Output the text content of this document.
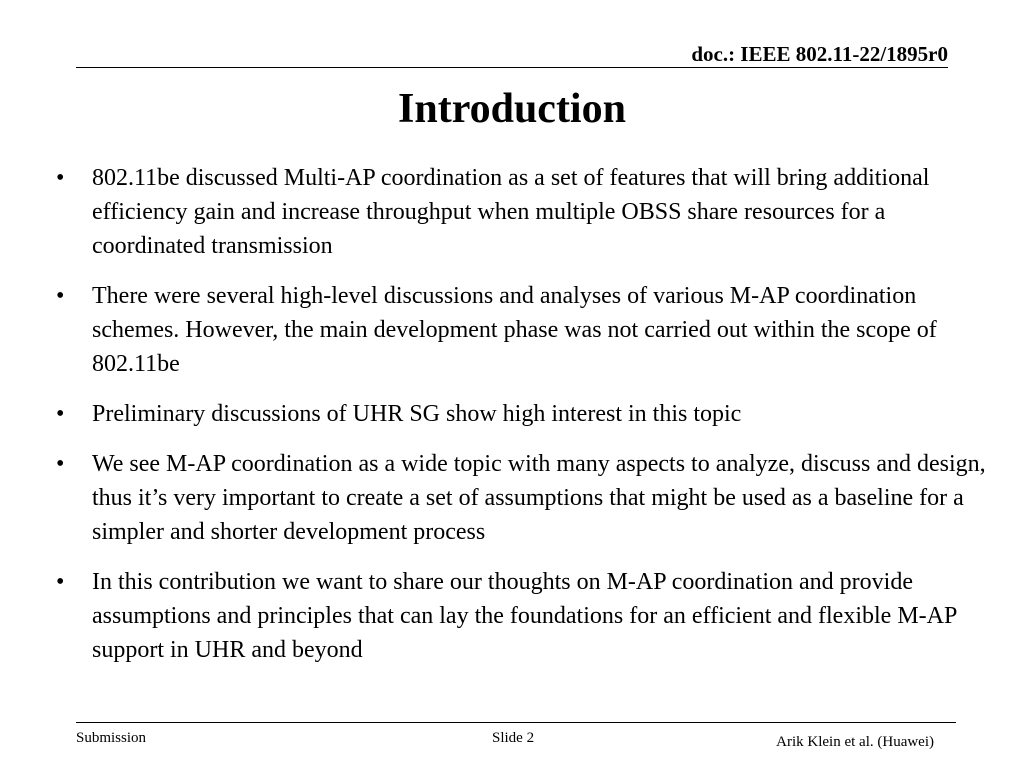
doc.: IEEE 802.11-22/1895r0
Introduction
• 802.11be discussed Multi-AP coordination as a set of features that will bring additional efficiency gain and increase throughput when multiple OBSS share resources for a coordinated transmission
• There were several high-level discussions and analyses of various M-AP coordination schemes. However, the main development phase was not carried out within the scope of 802.11be
• Preliminary discussions of UHR SG show high interest in this topic
• We see M-AP coordination as a wide topic with many aspects to analyze, discuss and design, thus it’s very important to create a set of assumptions that might be used as a baseline for a simpler and shorter development process
• In this contribution we want to share our thoughts on M-AP coordination and provide assumptions and principles that can lay the foundations for an efficient and flexible M-AP support in UHR and beyond
Submission	Slide 2	Arik Klein et al. (Huawei)
